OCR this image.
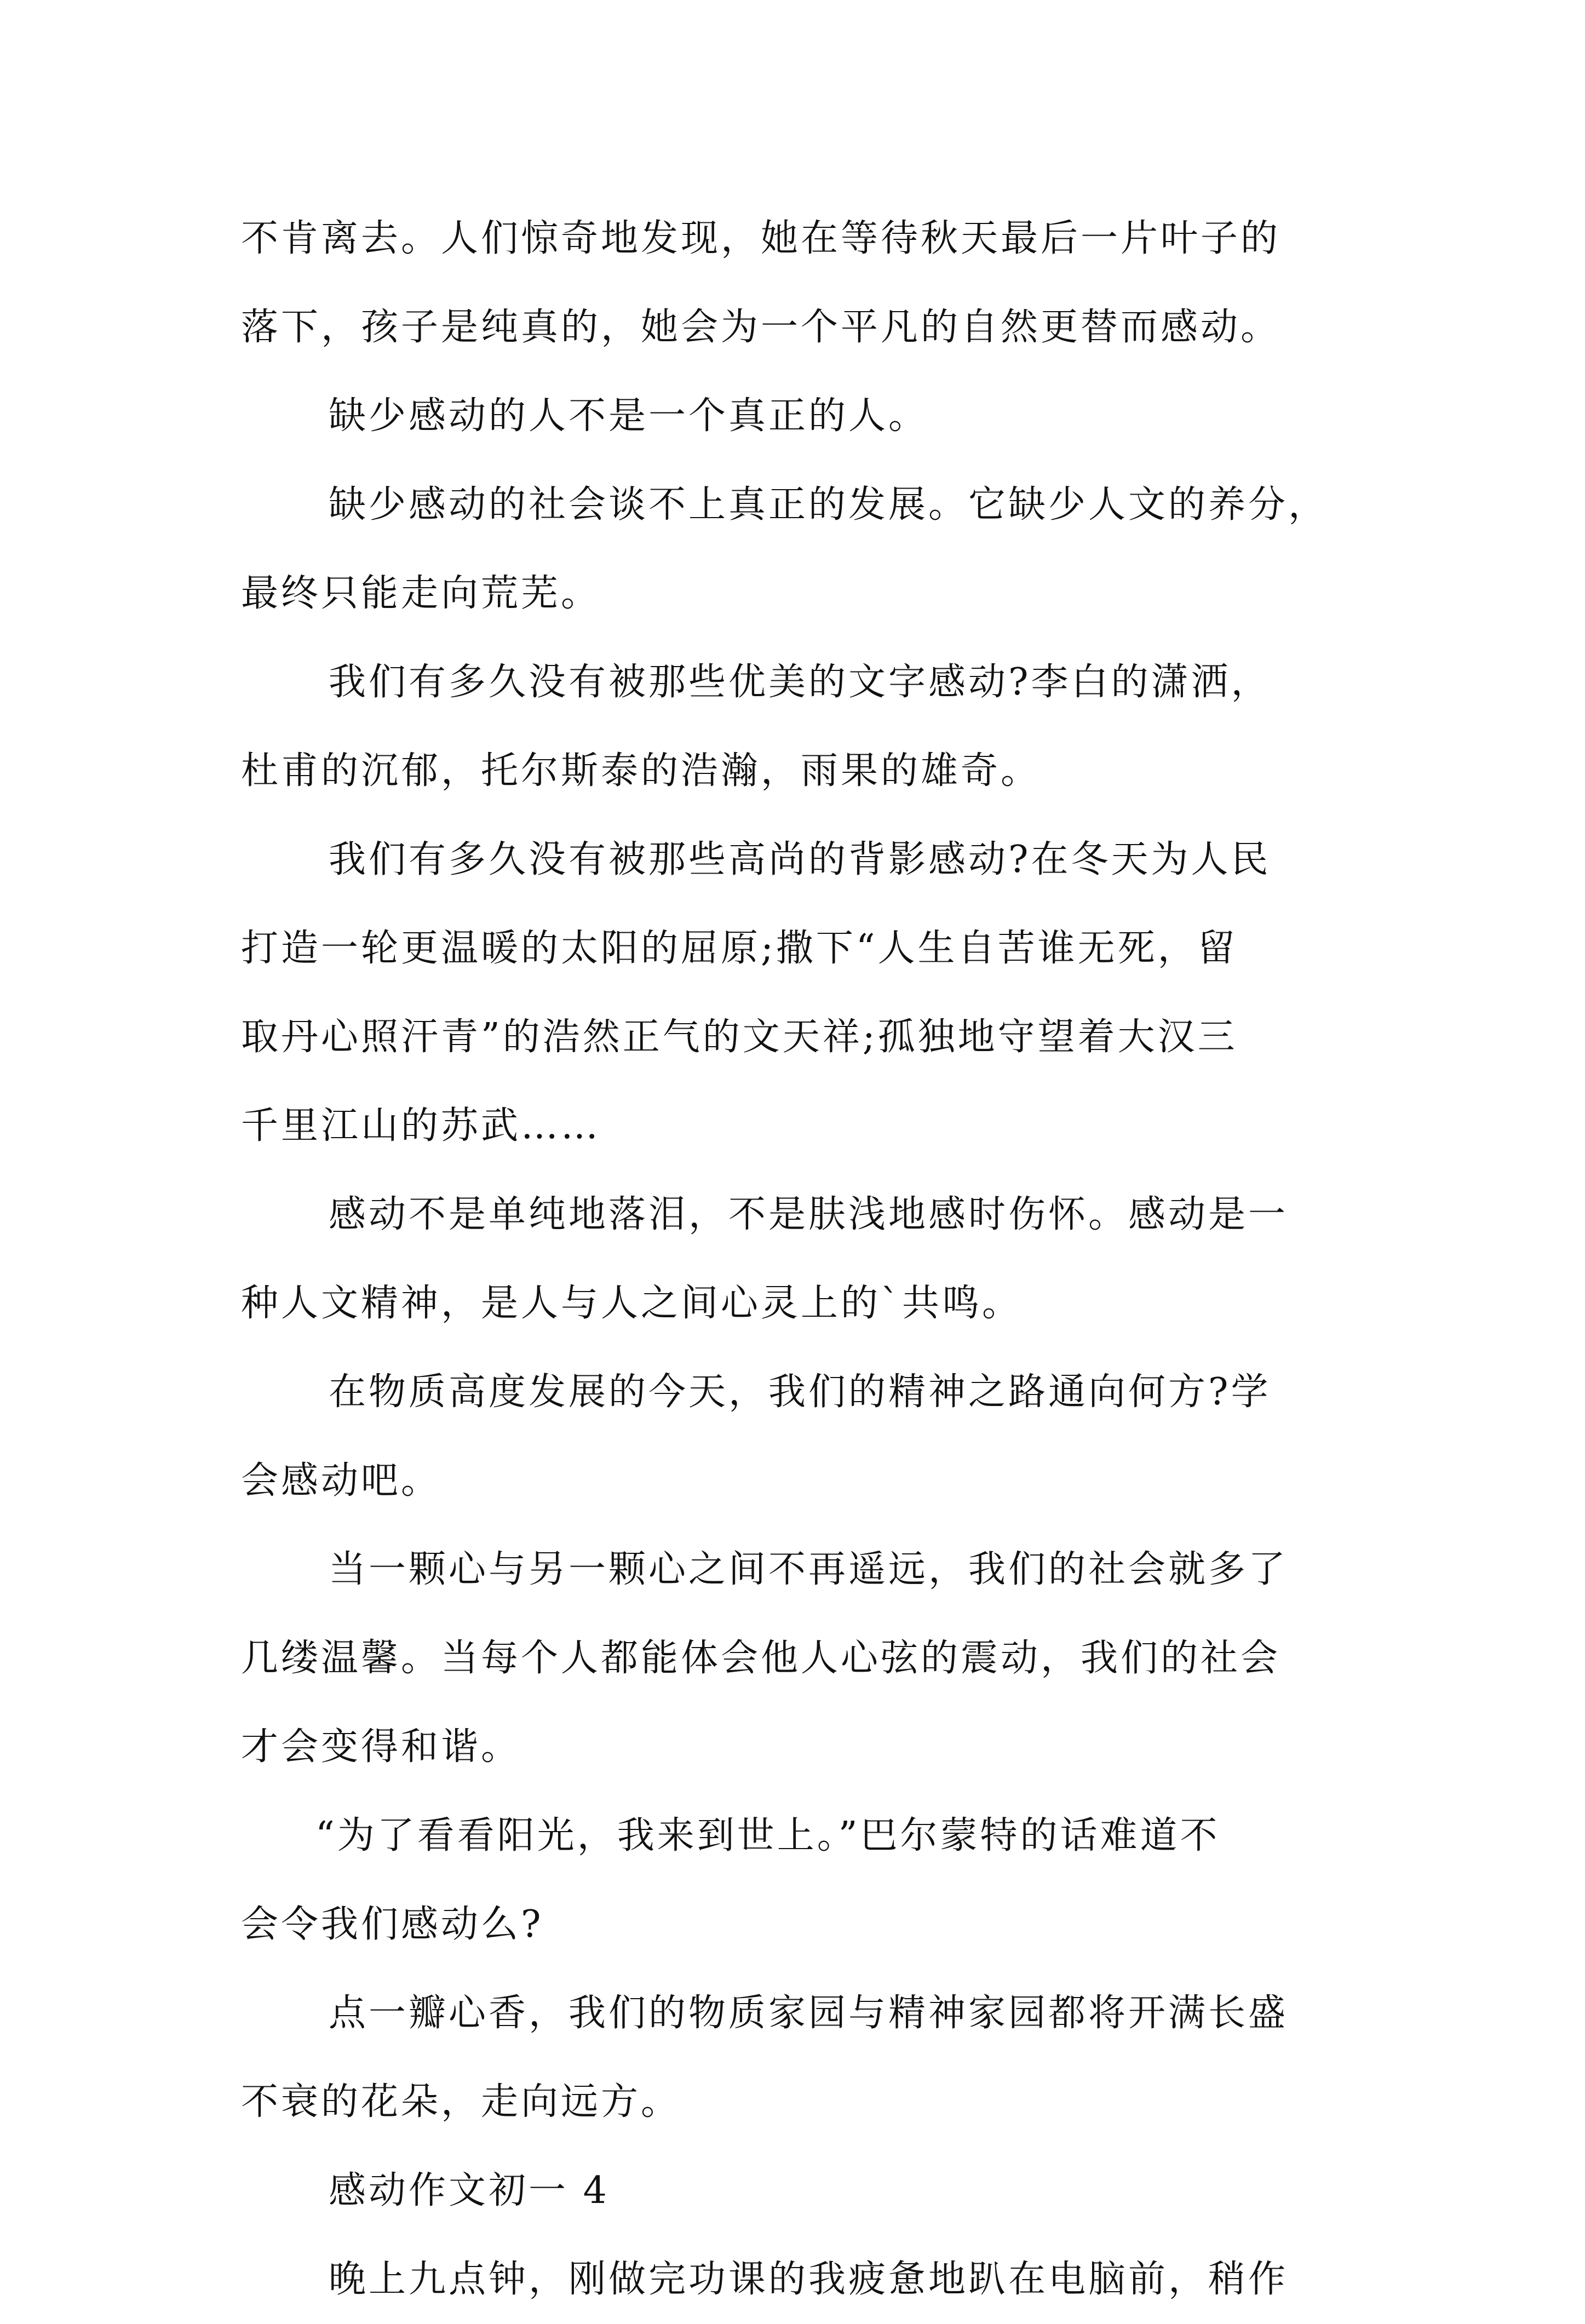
不肯离去。人们惊奇地发现，她在等待秋天最后一片叶子的
落下，孩子是纯真的，她会为一个平凡的自然更替而感动。

缺少感动的人不是一个真正的人。

缺少感动的社会谈不上真正的发展。它缺少人文的养分，
最终只能走向荒芜。

我们有多久没有被那些优美的文字感动?李白的潇洒，
杜甫的沉郁，托尔斯泰的浩瀚，雨果的雄奇。

我们有多久没有被那些高尚的背影感动?在冬天为人民
打造一轮更温暖的太阳的屈原;撒下“人生自苦谁无死，留
取丹心照汗青”的浩然正气的文天祥;孤独地守望着大汉三
千里江山的苏武……

感动不是单纯地落泪，不是肤浅地感时伤怀。感动是一
种人文精神，是人与人之间心灵上的`共鸣。

在物质高度发展的今天，我们的精神之路通向何方?学
会感动吧。

当一颗心与另一颗心之间不再遥远，我们的社会就多了
几缕温馨。当每个人都能体会他人心弦的震动，我们的社会
才会变得和谐。

“为了看看阳光，我来到世上。”巴尔蒙特的话难道不
会令我们感动么?

点一瓣心香，我们的物质家园与精神家园都将开满长盛
不衰的花朵，走向远方。

感动作文初一 4

晚上九点钟，刚做完功课的我疲惫地趴在电脑前，稍作
